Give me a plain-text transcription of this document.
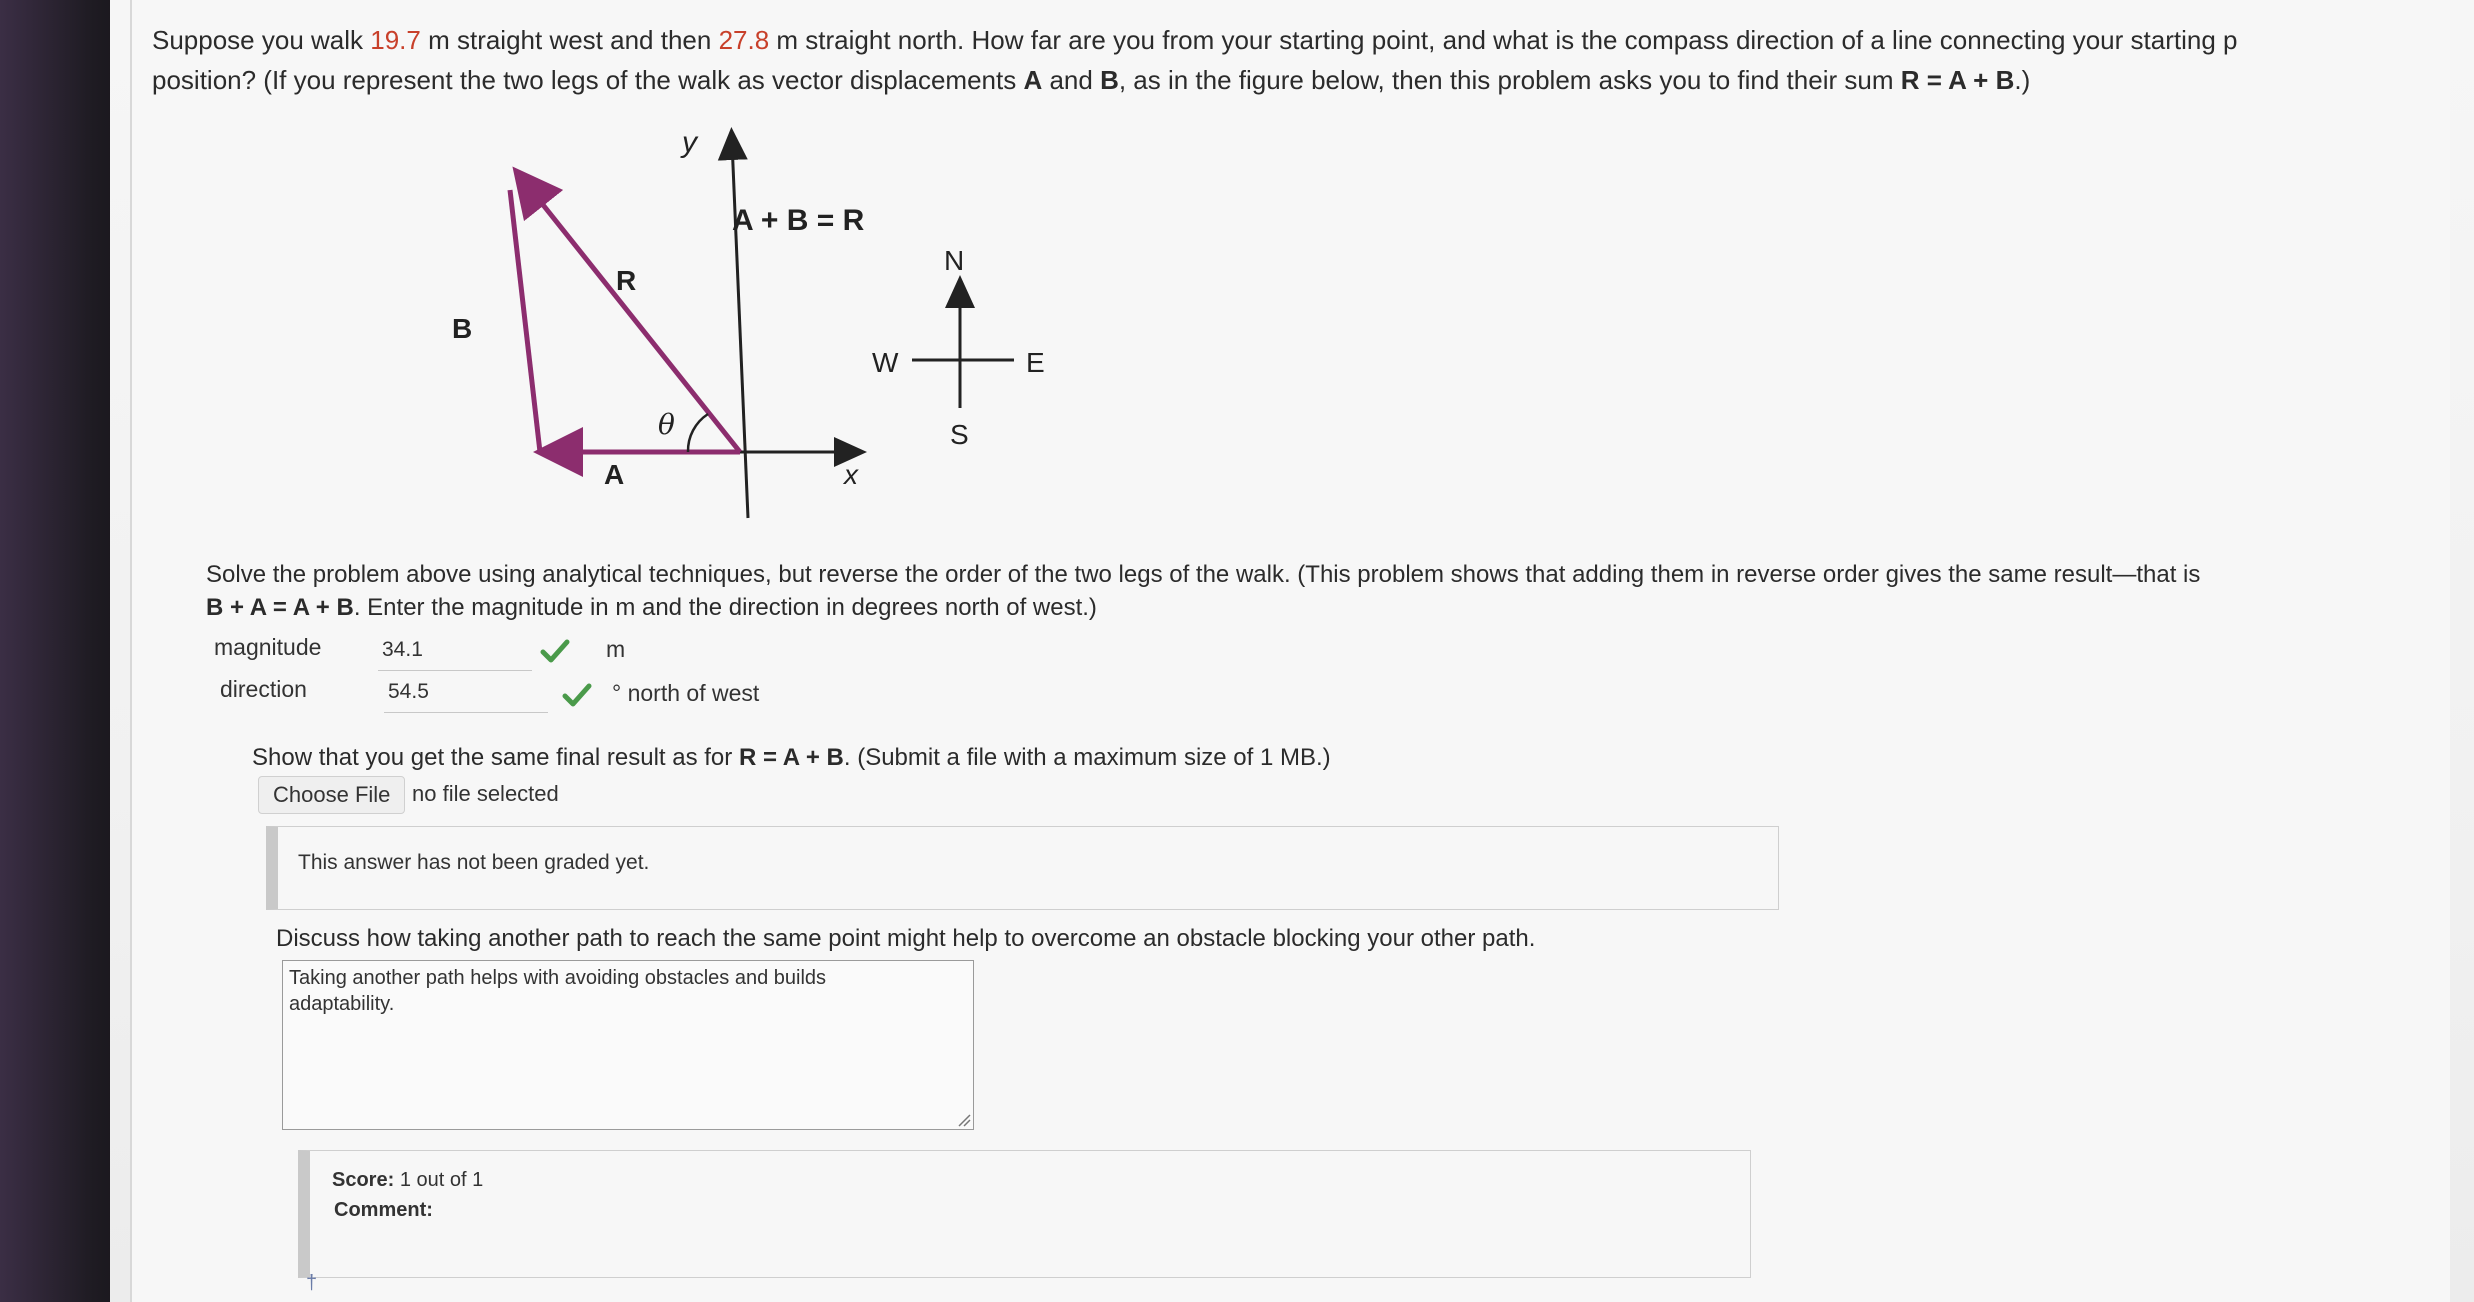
Suppose you walk 19.7 m straight west and then 27.8 m straight north. How far are you from your starting point, and what is the compass direction of a line connecting your starting p
position? (If you represent the two legs of the walk as vector displacements A and B, as in the figure below, then this problem asks you to find their sum R = A + B.)
y
x
A
B
R
θ
A + B = R
N
S
E
W
Solve the problem above using analytical techniques, but reverse the order of the two legs of the walk. (This problem shows that adding them in reverse order gives the same result—that is
B + A = A + B. Enter the magnitude in m and the direction in degrees north of west.)
magnitude	34.1	m
direction	54.5	° north of west
Show that you get the same final result as for R = A + B. (Submit a file with a maximum size of 1 MB.)
Choose File no file selected
This answer has not been graded yet.
Discuss how taking another path to reach the same point might help to overcome an obstacle blocking your other path.
Taking another path helps with avoiding obstacles and builds
adaptability.
Score: 1 out of 1
Comment:
†
